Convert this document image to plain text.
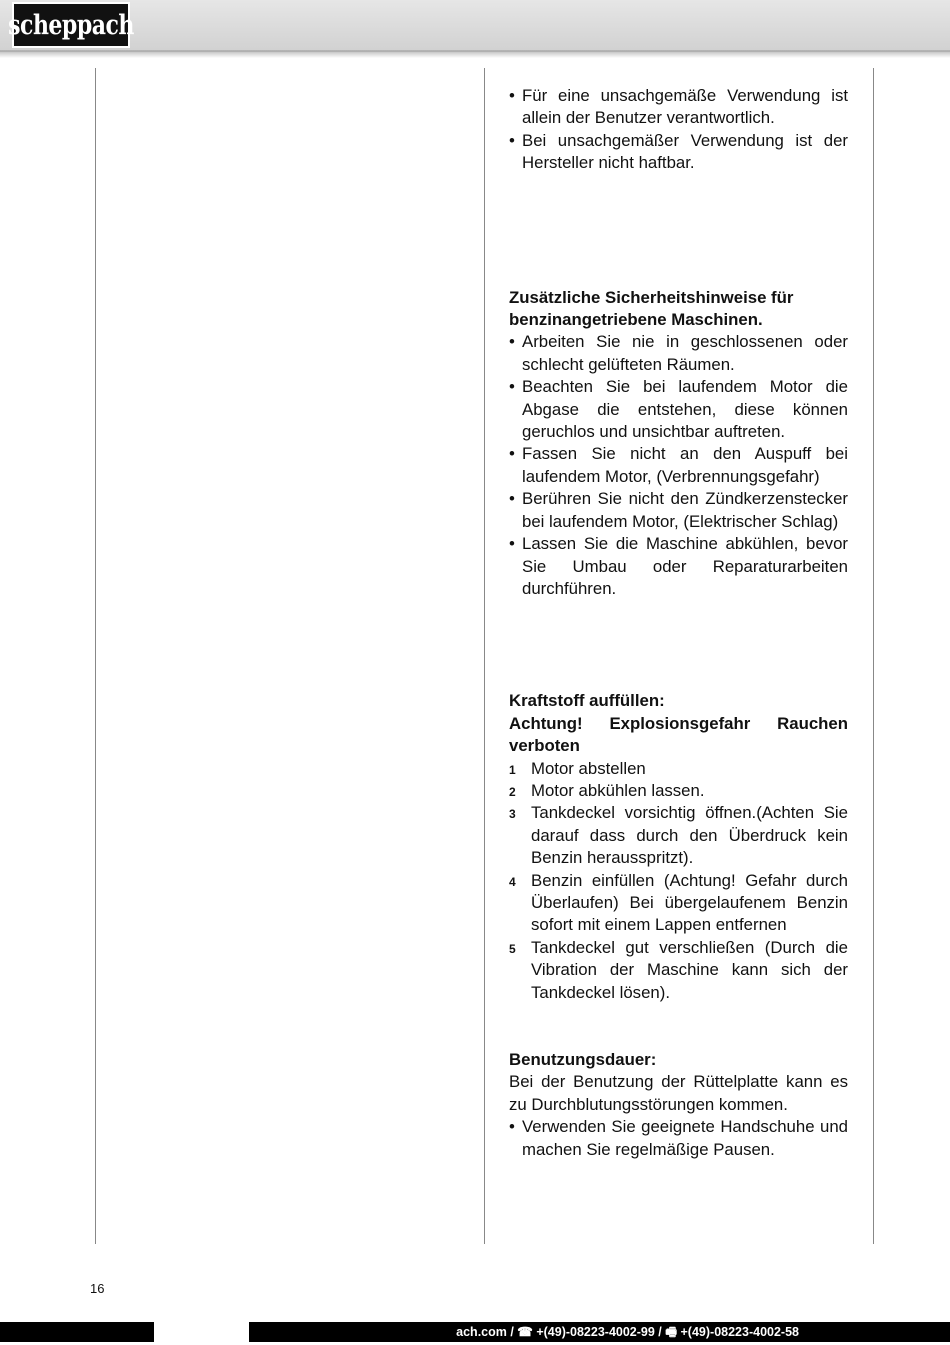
scheppach
• Für eine unsachgemäße Verwendung ist allein der Benutzer verantwortlich.
• Bei unsachgemäßer Verwendung ist der Hersteller nicht haftbar.
Zusätzliche Sicherheitshinweise für benzinangetriebene Maschinen.
• Arbeiten Sie nie in geschlossenen oder schlecht gelüfteten Räumen.
• Beachten Sie bei laufendem Motor die Abgase die entstehen, diese können geruchlos und unsichtbar auftreten.
• Fassen Sie nicht an den Auspuff bei laufendem Motor, (Verbrennungsgefahr)
• Berühren Sie nicht den Zündkerzenstecker bei laufendem Motor, (Elektrischer Schlag)
• Lassen Sie die Maschine abkühlen, bevor Sie Umbau oder Reparaturarbeiten durchführen.
Kraftstoff auffüllen:
Achtung! Explosionsgefahr Rauchen verboten
1 Motor abstellen
2 Motor abkühlen lassen.
3 Tankdeckel vorsichtig öffnen.(Achten Sie darauf dass durch den Überdruck kein Benzin herausspritzt).
4 Benzin einfüllen (Achtung! Gefahr durch Überlaufen) Bei übergelaufenem Benzin sofort mit einem Lappen entfernen
5 Tankdeckel gut verschließen (Durch die Vibration der Maschine kann sich der Tankdeckel lösen).
Benutzungsdauer:
Bei der Benutzung der Rüttelplatte kann es zu Durchblutungsstörungen kommen.
• Verwenden Sie geeignete Handschuhe und machen Sie regelmäßige Pausen.
16
ach.com / ☎ +(49)-08223-4002-99 / 🖷 +(49)-08223-4002-58
